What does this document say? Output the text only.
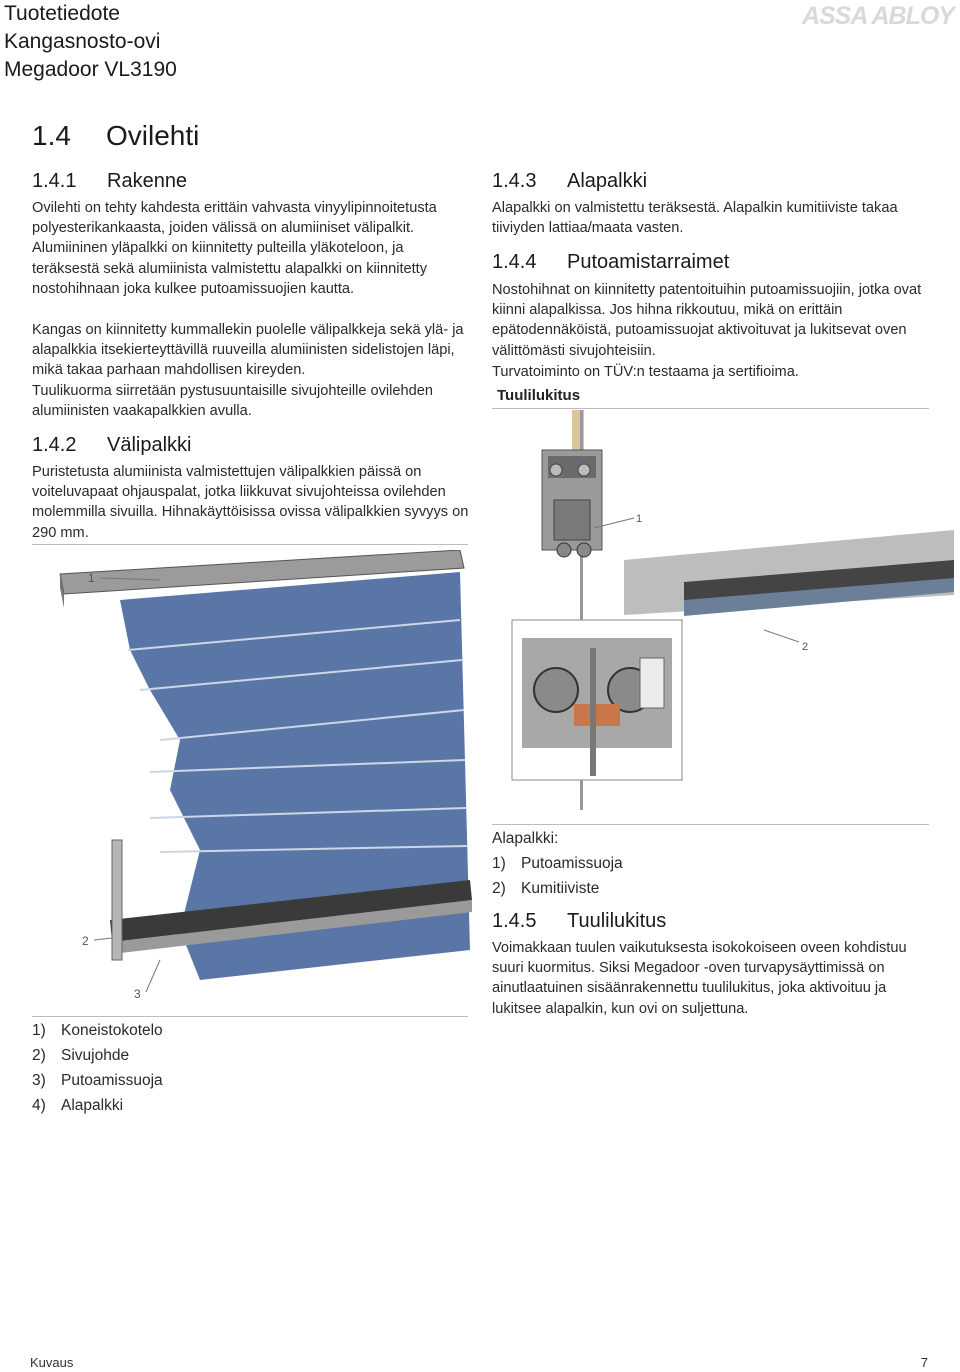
Tuotetiedote
Kangasnosto-ovi
Megadoor VL3190
ASSA ABLOY
1.4 Ovilehti
1.4.1 Rakenne
Ovilehti on tehty kahdesta erittäin vahvasta vinyylipinnoitetusta polyesterikankaasta, joiden välissä on alumiiniset välipalkit. Alumiininen yläpalkki on kiinnitetty pulteilla yläkoteloon, ja teräksestä sekä alumiinista valmistettu alapalkki on kiinnitetty nostohihnaan joka kulkee putoamissuojien kautta.
Kangas on kiinnitetty kummallekin puolelle välipalkkeja sekä ylä- ja alapalkkia itsekierteyttävillä ruuveilla alumiinisten sidelistojen läpi, mikä takaa parhaan mahdollisen kireyden.
Tuulikuorma siirretään pystusuuntaisille sivujohteille ovilehden alumiinisten vaakapalkkien avulla.
1.4.2 Välipalkki
Puristetusta alumiinista valmistettujen välipalkkien päissä on voiteluvapaat ohjauspalat, jotka liikkuvat sivujohteissa ovilehden molemmilla sivuilla. Hihnakäyttöisissa ovissa välipalkkien syvyys on 290 mm.
1.4.3 Alapalkki
Alapalkki on valmistettu teräksestä. Alapalkin kumitiiviste takaa tiiviyden lattiaa/maata vasten.
1.4.4 Putoamistarraimet
Nostohihnat on kiinnitetty patentoituihin putoamissuojiin, jotka ovat kiinni alapalkissa. Jos hihna rikkoutuu, mikä on erittäin epätodennäköistä, putoamissuojat aktivoituvat ja lukitsevat oven välittömästi sivujohteisiin.
Turvatoiminto on TÜV:n testaama ja sertifioima.
Tuulilukitus
1
2
Alapalkki:
1) Putoamissuoja
2) Kumitiiviste
1.4.5 Tuulilukitus
Voimakkaan tuulen vaikutuksesta isokokoiseen oveen kohdistuu suuri kuormitus. Siksi Megadoor -oven turvapysäyttimissä on ainutlaatuinen sisäänrakennettu tuulilukitus, joka aktivoituu ja lukitsee alapalkin, kun ovi on suljettuna.
1
2
3
1) Koneistokotelo
2) Sivujohde
3) Putoamissuoja
4) Alapalkki
Kuvaus	7
